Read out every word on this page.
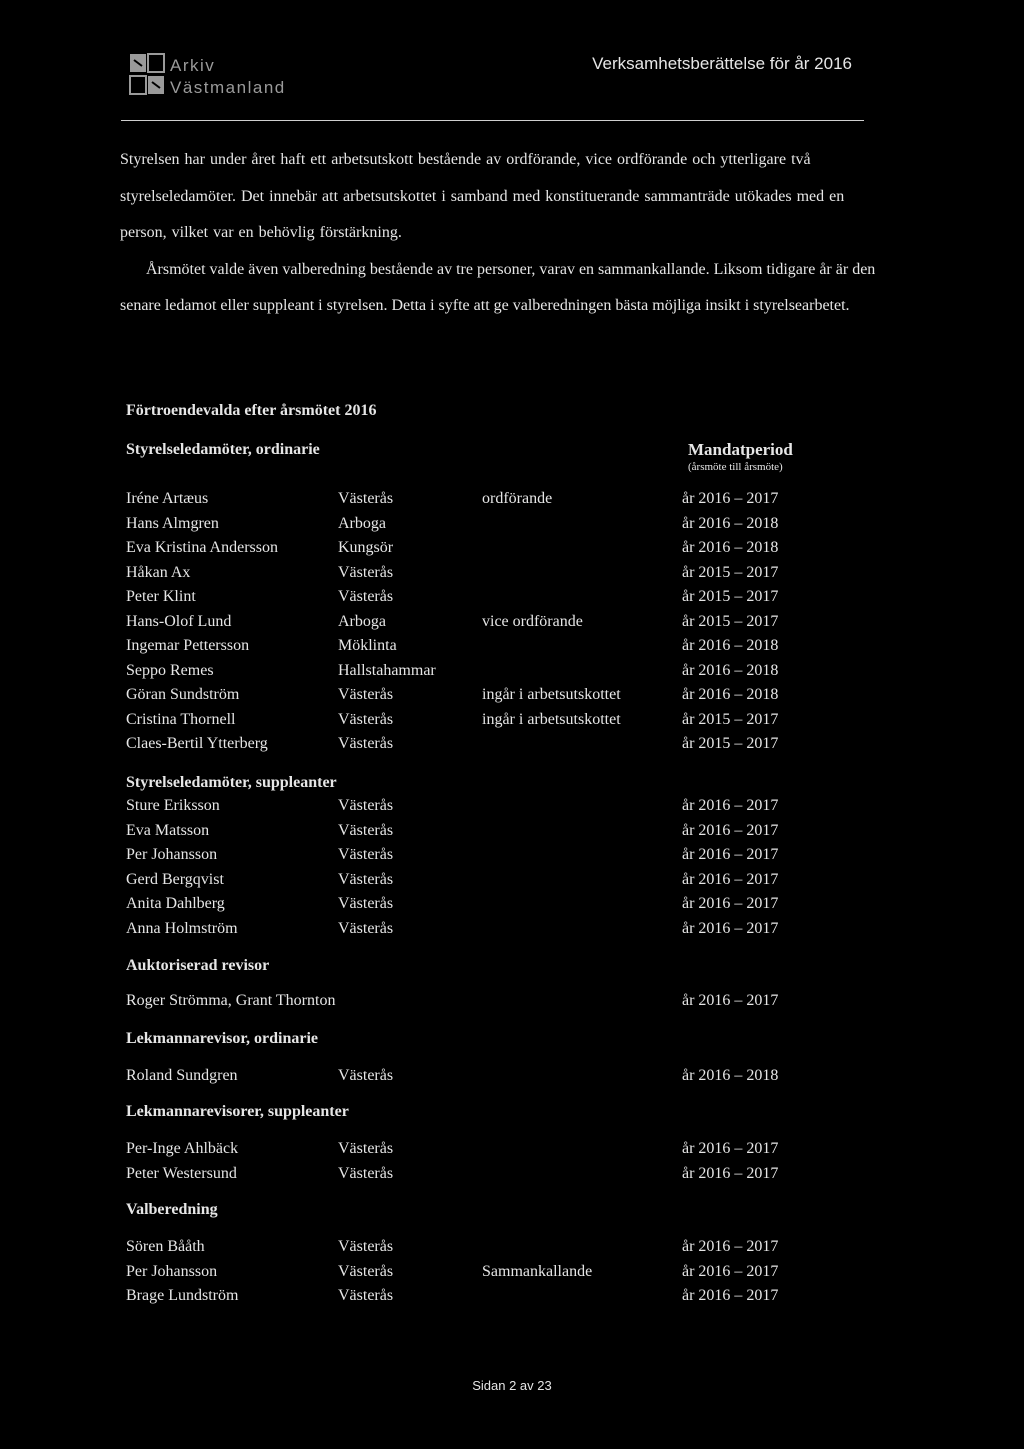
Arkiv
Västmanland
Verksamhetsberättelse för år 2016

Styrelsen har under året haft ett arbetsutskott bestående av ordförande, vice ordförande och ytterligare två styrelseledamöter. Det innebär att arbetsutskottet i samband med konstituerande sammanträde utökades med en person, vilket var en behövlig förstärkning.

Årsmötet valde även valberedning bestående av tre personer, varav en sammankallande. Liksom tidigare år är den senare ledamot eller suppleant i styrelsen. Detta i syfte att ge valberedningen bästa möjliga insikt i styrelsearbetet.

Förtroendevalda efter årsmötet 2016
Styrelseledamöter, ordinarie	Mandatperiod
(årsmöte till årsmöte)
Iréne Artæus	Västerås	ordförande	år 2016 – 2017
Hans Almgren	Arboga	år 2016 – 2018
Eva Kristina Andersson	Kungsör	år 2016 – 2018
Håkan Ax	Västerås	år 2015 – 2017
Peter Klint	Västerås	år 2015 – 2017
Hans-Olof Lund	Arboga	vice ordförande	år 2015 – 2017
Ingemar Pettersson	Möklinta	år 2016 – 2018
Seppo Remes	Hallstahammar	år 2016 – 2018
Göran Sundström	Västerås	ingår i arbetsutskottet	år 2016 – 2018
Cristina Thornell	Västerås	ingår i arbetsutskottet	år 2015 – 2017
Claes-Bertil Ytterberg	Västerås	år 2015 – 2017
Styrelseledamöter, suppleanter
Sture Eriksson	Västerås	år 2016 – 2017
Eva Matsson	Västerås	år 2016 – 2017
Per Johansson	Västerås	år 2016 – 2017
Gerd Bergqvist	Västerås	år 2016 – 2017
Anita Dahlberg	Västerås	år 2016 – 2017
Anna Holmström	Västerås	år 2016 – 2017
Auktoriserad revisor
Roger Strömma, Grant Thornton	år 2016 – 2017
Lekmannarevisor, ordinarie
Roland Sundgren	Västerås	år 2016 – 2018
Lekmannarevisorer, suppleanter
Per-Inge Ahlbäck	Västerås	år 2016 – 2017
Peter Westersund	Västerås	år 2016 – 2017
Valberedning
Sören Bååth	Västerås	år 2016 – 2017
Per Johansson	Västerås	Sammankallande	år 2016 – 2017
Brage Lundström	Västerås	år 2016 – 2017
Sidan 2 av 23
